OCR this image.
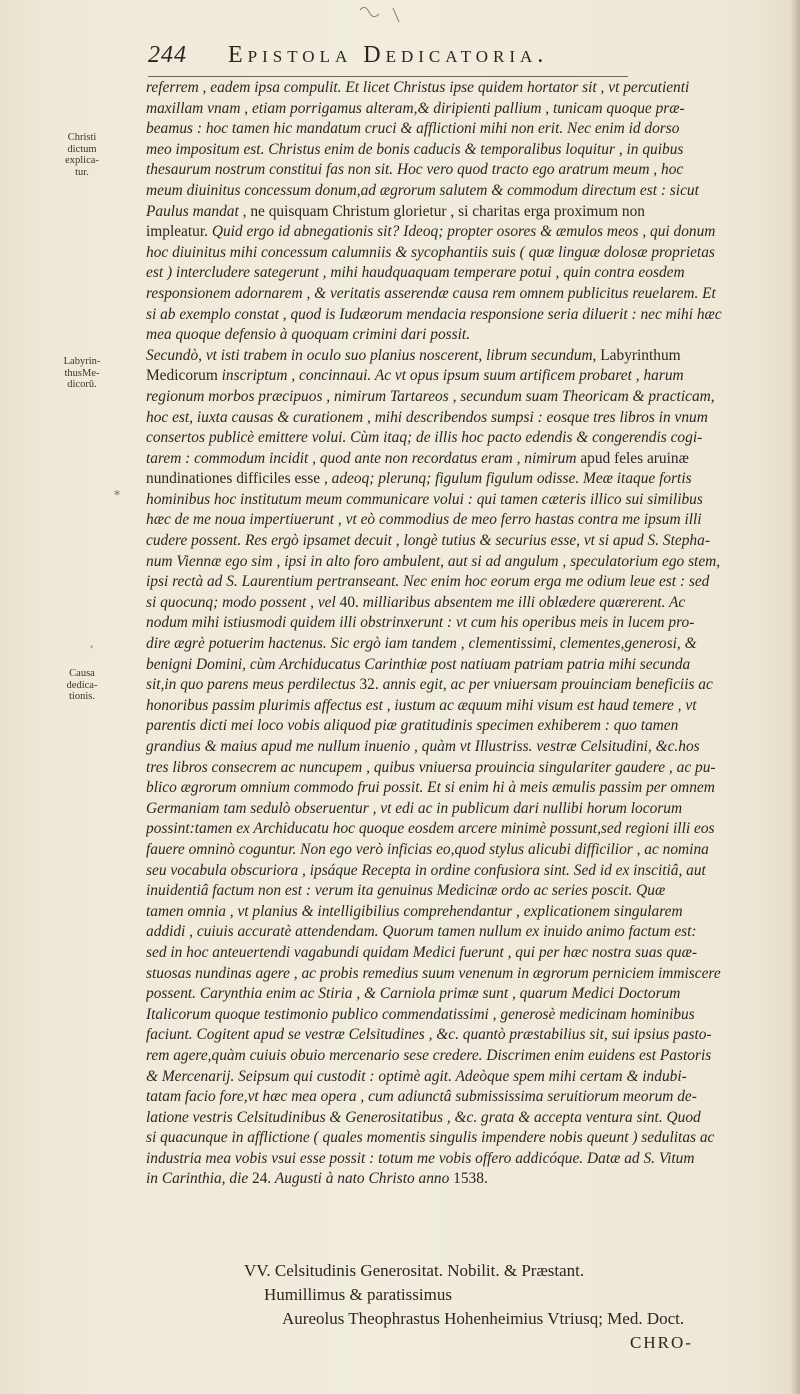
244 Epistola Dedicatoria.
Christi
dictum
explica-
tur.
Labyrin-
thusMe-
dicorū.
Causa
dedica-
tionis.
*
,
referrem , eadem ipsa compulit. Et licet Christus ipse quidem hortator sit , vt percutienti
maxillam vnam , etiam porrigamus alteram,& diripienti pallium , tunicam quoque præ-
beamus : hoc tamen hic mandatum cruci & afflictioni mihi non erit. Nec enim id dorso
meo impositum est. Christus enim de bonis caducis & temporalibus loquitur , in quibus
thesaurum nostrum constitui fas non sit. Hoc vero quod tracto ego aratrum meum , hoc
meum diuinitus concessum donum,ad ægrorum salutem & commodum directum est : sicut
Paulus mandat , ne quisquam Christum glorietur , si charitas erga proximum non
impleatur. Quid ergo id abnegationis sit? Ideoq; propter osores & æmulos meos , qui donum
hoc diuinitus mihi concessum calumniis & sycophantiis suis ( quæ linguæ dolosæ proprietas
est ) intercludere sategerunt , mihi haudquaquam temperare potui , quin contra eosdem
responsionem adornarem , & veritatis asserendæ causa rem omnem publicitus reuelarem. Et
si ab exemplo constat , quod is Iudæorum mendacia responsione seria diluerit : nec mihi hæc
mea quoque defensio à quoquam crimini dari possit.
Secundò, vt isti trabem in oculo suo planius noscerent, librum secundum, Labyrinthum
Medicorum inscriptum , concinnaui. Ac vt opus ipsum suum artificem probaret , harum
regionum morbos præcipuos , nimirum Tartareos , secundum suam Theoricam & practicam,
hoc est, iuxta causas & curationem , mihi describendos sumpsi : eosque tres libros in vnum
consertos publicè emittere volui. Cùm itaq; de illis hoc pacto edendis & congerendis cogi-
tarem : commodum incidit , quod ante non recordatus eram , nimirum apud feles aruinæ
nundinationes difficiles esse , adeoq; plerunq; figulum figulum odisse. Meæ itaque fortis
hominibus hoc institutum meum communicare volui : qui tamen cæteris illico sui similibus
hæc de me noua impertiuerunt , vt eò commodius de meo ferro hastas contra me ipsum illi
cudere possent. Res ergò ipsamet decuit , longè tutius & securius esse, vt si apud S. Stepha-
num Viennæ ego sim , ipsi in alto foro ambulent, aut si ad angulum , speculatorium ego stem,
ipsi rectà ad S. Laurentium pertranseant. Nec enim hoc eorum erga me odium leue est : sed
si quocunq; modo possent , vel 40. milliaribus absentem me illi oblædere quærerent. Ac
nodum mihi istiusmodi quidem illi obstrinxerunt : vt cum his operibus meis in lucem pro-
dire ægrè potuerim hactenus. Sic ergò iam tandem , clementissimi, clementes,generosi, &
benigni Domini, cùm Archiducatus Carinthiæ post natiuam patriam patria mihi secunda
sit,in quo parens meus perdilectus 32. annis egit, ac per vniuersam prouinciam beneficiis ac
honoribus passim plurimis affectus est , iustum ac æquum mihi visum est haud temere , vt
parentis dicti mei loco vobis aliquod piæ gratitudinis specimen exhiberem : quo tamen
grandius & maius apud me nullum inuenio , quàm vt Illustriss. vestræ Celsitudini, &c.hos
tres libros consecrem ac nuncupem , quibus vniuersa prouincia singulariter gaudere , ac pu-
blico ægrorum omnium commodo frui possit. Et si enim hi à meis æmulis passim per omnem
Germaniam tam sedulò obseruentur , vt edi ac in publicum dari nullibi horum locorum
possint:tamen ex Archiducatu hoc quoque eosdem arcere minimè possunt,sed regioni illi eos
fauere omninò coguntur. Non ego verò inficias eo,quod stylus alicubi difficilior , ac nomina
seu vocabula obscuriora , ipsáque Recepta in ordine confusiora sint. Sed id ex inscitiâ, aut
inuidentiâ factum non est : verum ita genuinus Medicinæ ordo ac series poscit. Quæ
tamen omnia , vt planius & intelligibilius comprehendantur , explicationem singularem
addidi , cuiuis accuratè attendendam. Quorum tamen nullum ex inuido animo factum est:
sed in hoc anteuertendi vagabundi quidam Medici fuerunt , qui per hæc nostra suas quæ-
stuosas nundinas agere , ac probis remedius suum venenum in ægrorum perniciem immiscere
possent. Carynthia enim ac Stiria , & Carniola primæ sunt , quarum Medici Doctorum
Italicorum quoque testimonio publico commendatissimi , generosè medicinam hominibus
faciunt. Cogitent apud se vestræ Celsitudines , &c. quantò præstabilius sit, sui ipsius pasto-
rem agere,quàm cuiuis obuio mercenario sese credere. Discrimen enim euidens est Pastoris
& Mercenarij. Seipsum qui custodit : optimè agit. Adeòque spem mihi certam & indubi-
tatam facio fore,vt hæc mea opera , cum adiunctâ submississima seruitiorum meorum de-
latione vestris Celsitudinibus & Generositatibus , &c. grata & accepta ventura sint. Quod
si quacunque in afflictione ( quales momentis singulis impendere nobis queunt ) sedulitas ac
industria mea vobis vsui esse possit : totum me vobis offero addicóque. Datæ ad S. Vitum
in Carinthia, die 24. Augusti à nato Christo anno 1538.
VV. Celsitudinis Generositat. Nobilit. & Præstant.
Humillimus & paratissimus
Aureolus Theophrastus Hohenheimius Vtriusq; Med. Doct.
CHRO-
